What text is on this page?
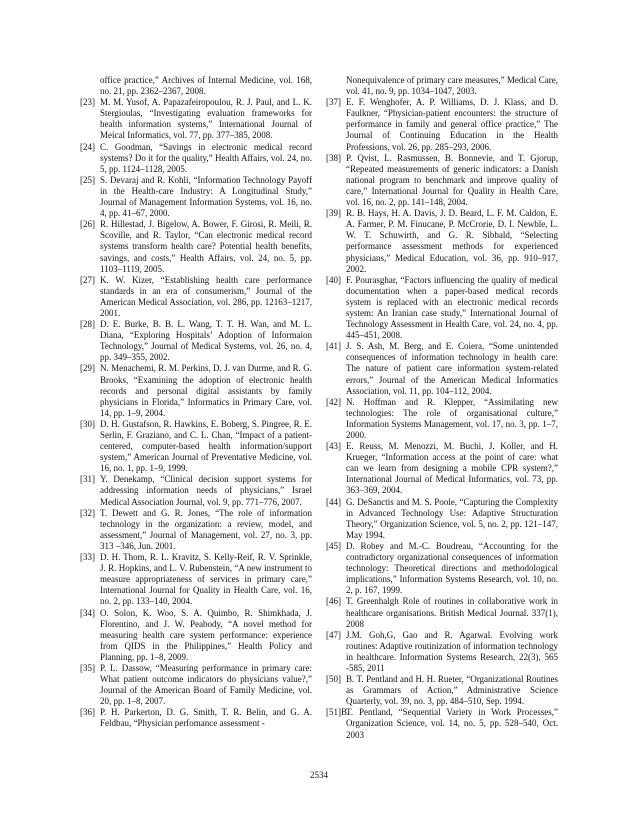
office practice,” Archives of Internal Medicine, vol. 168, no. 21, pp. 2362–2367, 2008.

[23] M. M. Yusof, A. Papazafeiropoulou, R. J. Paul, and L. K. Stergioulas, “Investigating evaluation frameworks for health information systems,” International Journal of Meical Informatics, vol. 77, pp. 377–385, 2008.

[24] C. Goodman, “Savings in electronic medical record systems? Do it for the quality,” Health Affairs, vol. 24, no. 5, pp. 1124–1128, 2005.

[25] S. Devaraj and R. Kohli, “Information Technology Payoff in the Health-care Industry: A Longitudinal Study,” Journal of Management Information Systems, vol. 16, no. 4, pp. 41–67, 2000.

[26] R. Hillestad, J. Bigelow, A. Bower, F. Girosi, R. Meili, R. Scoville, and R. Taylor, “Can electronic medical record systems transform health care? Potential health benefits, savings, and costs,” Health Affairs, vol. 24, no. 5, pp. 1103–1119, 2005.

[27] K. W. Kizer, “Establishing health care performance standards in an era of consumerism,” Journal of the American Medical Association, vol. 286, pp. 12163–1217, 2001.

[28] D. E. Burke, B. B. L. Wang, T. T. H. Wan, and M. L. Diana, “Exploring Hospitals’ Adoption of Informaion Technology,” Journal of Medical Systems, vol. 26, no. 4, pp. 349–355, 2002.

[29] N. Menachemi, R. M. Perkins, D. J. van Durme, and R. G. Brooks, “Examining the adoption of electronic health records and personal digital assistants by family physicians in Florida,” Informatics in Primary Care, vol. 14, pp. 1–9, 2004.

[30] D. H. Gustafson, R. Hawkins, E. Boberg, S. Pingree, R. E. Serlin, F. Graziano, and C. L. Chan, “Impact of a patient-centered, computer-based health information/support system,” American Journal of Preventative Medicine, vol. 16, no. 1, pp. 1–9, 1999.

[31] Y. Denekamp, “Clinical decision support systems for addressing information needs of physicians,” Israel Medical Association Journal, vol. 9, pp. 771–776, 2007.

[32] T. Dewett and G. R. Jones, “The role of information technology in the organization: a review, model, and assessment,” Journal of Management, vol. 27, no. 3, pp. 313 –346, Jun. 2001.

[33] D. H. Thom, R. L. Kravitz, S. Kelly-Reif, R. V. Sprinkle, J. R. Hopkins, and L. V. Rubenstein, “A new instrument to measure appropriateness of services in primary care,” International Journal for Quality in Health Care, vol. 16, no. 2, pp. 133–140, 2004.

[34] O. Solon, K. Woo, S. A. Quimbo, R. Shimkhada, J. Florentino, and J. W. Peabody, “A novel method for measuring health care system performance: experience from QIDS in the Philippines,” Health Policy and Planning, pp. 1–8, 2009.

[35] P. L. Dassow, “Measuring performance in primary care: What patient outcome indicators do physicians value?,” Journal of the American Board of Family Medicine, vol. 20, pp. 1–8, 2007.

[36] P. H. Parkerton, D. G. Smith, T. R. Belin, and G. A. Feldbau, “Physician perfomance assessment -

Nonequivalence of primary care measures,” Medical Care, vol. 41, no. 9, pp. 1034–1047, 2003.

[37] E. F. Wenghofer, A. P. Williams, D. J. Klass, and D. Faulkner, “Physician-patient encounters: the structure of performance in family and general office practice,” The Journal of Continuing Education in the Health Professions, vol. 26, pp. 285–293, 2006.

[38] P. Qvist, L. Rasmussen, B. Bonnevie, and T. Gjorup, “Repeated measurements of generic indicators: a Danish national program to benchmark and improve quality of care,” International Journal for Quality in Health Care, vol. 16, no. 2, pp. 141–148, 2004.

[39] R. B. Hays, H. A. Davis, J. D. Beard, L. F. M. Caldon, E. A. Farmer, P. M. Finucane, P. McCrorie, D. I. Newble, L. W. T. Schuwirth, and G. R. Sibbald, “Selecting performance assessment methods for experienced physicians,” Medical Education, vol. 36, pp. 910–917, 2002.

[40] F. Pourasghar, “Factors influencing the quality of medical documentation when a paper-based medical records system is replaced with an electronic medical records system: An Iranian case study,” International Journal of Technology Assessment in Health Care, vol. 24, no. 4, pp. 445–451, 2008.

[41] J. S. Ash, M. Berg, and E. Coiera, “Some unintended consequences of information technology in health care: The nature of patient care information system-related errors,” Journal of the American Medical Informatics Association, vol. 11, pp. 104–112, 2004.

[42] N. Hoffman and R. Klepper, “Assimilating new technologies: The role of organisational culture,” Information Systems Management, vol. 17, no. 3, pp. 1–7, 2000.

[43] E. Reuss, M. Menozzi, M. Buchi, J. Koller, and H. Krueger, “Information access at the point of care: what can we learn from designing a mobile CPR system?,” International Journal of Medical Informatics, vol. 73, pp. 363–369, 2004.

[44] G. DeSanctis and M. S. Poole, “Capturing the Complexity in Advanced Technology Use: Adaptive Structuration Theory,” Organization Science, vol. 5, no. 2, pp. 121–147, May 1994.

[45] D. Robey and M.-C. Boudreau, “Accounting for the contradictory organizational consequences of information technology: Theoretical directions and methodological implications,” Information Systems Research, vol. 10, no. 2, p. 167, 1999.

[46] T. Greenhalgh Role of routines in collaborative work in healthcare organisations. British Medical Journal. 337(1), 2008

[47] J.M. Goh,G, Gao and R. Agarwal. Evolving work routines: Adaptive routinization of information technology in healthcare. Information Systems Research, 22(3), 565 -585, 2011

[50] B. T. Pentland and H. H. Rueter, “Organizational Routines as Grammars of Action,” Administrative Science Quarterly, vol. 39, no. 3, pp. 484–510, Sep. 1994.

[51]B.
T. Pentland, “Sequential Variety in Work Processes,” Organization Science, vol. 14, no. 5, pp. 528–540, Oct. 2003

2534
